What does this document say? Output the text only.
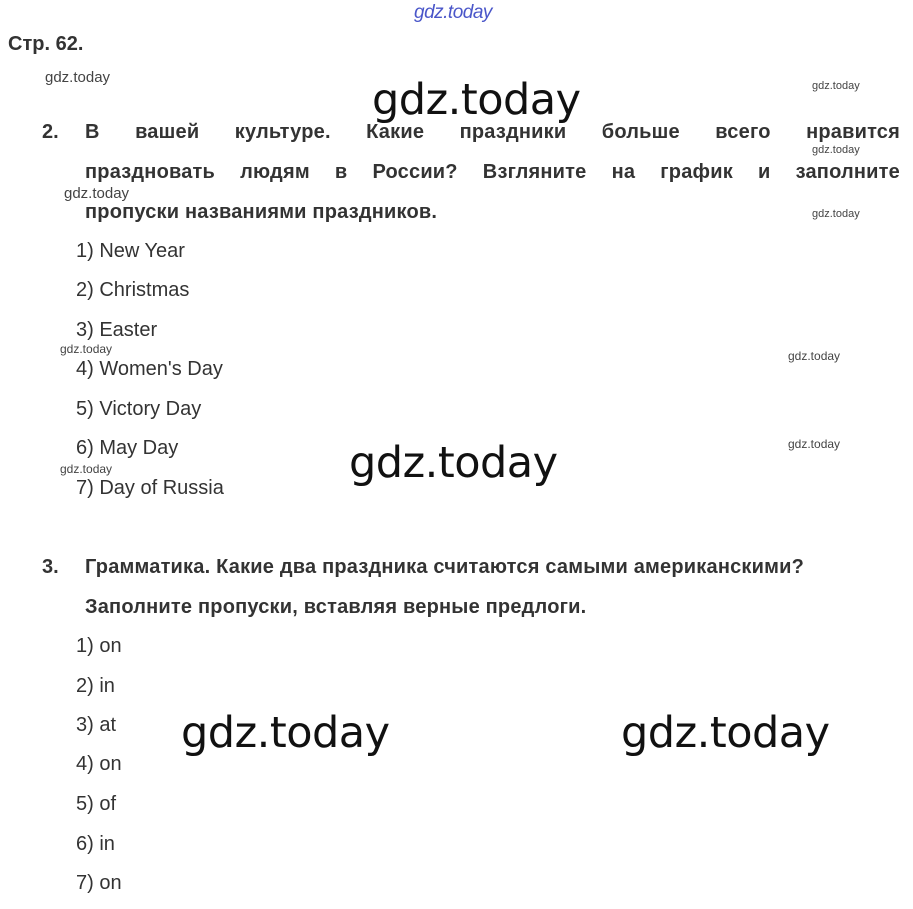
gdz.today
gdz.today	gdz.today	gdz.today
gdz.today
gdz.today
gdz.today
gdz.today	gdz.today
gdz.today
gdz.today
gdz.today
gdz.today	gdz.today
Стр. 62.
2. В вашей культуре. Какие праздники больше всего нравится
праздновать людям в России? Взгляните на график и заполните
пропуски названиями праздников.
1) New Year
2) Christmas
3) Easter
4) Women's Day
5) Victory Day
6) May Day
7) Day of Russia
3. Грамматика. Какие два праздника считаются самыми американскими?
Заполните пропуски, вставляя верные предлоги.
1) on
2) in
3) at
4) on
5) of
6) in
7) on
